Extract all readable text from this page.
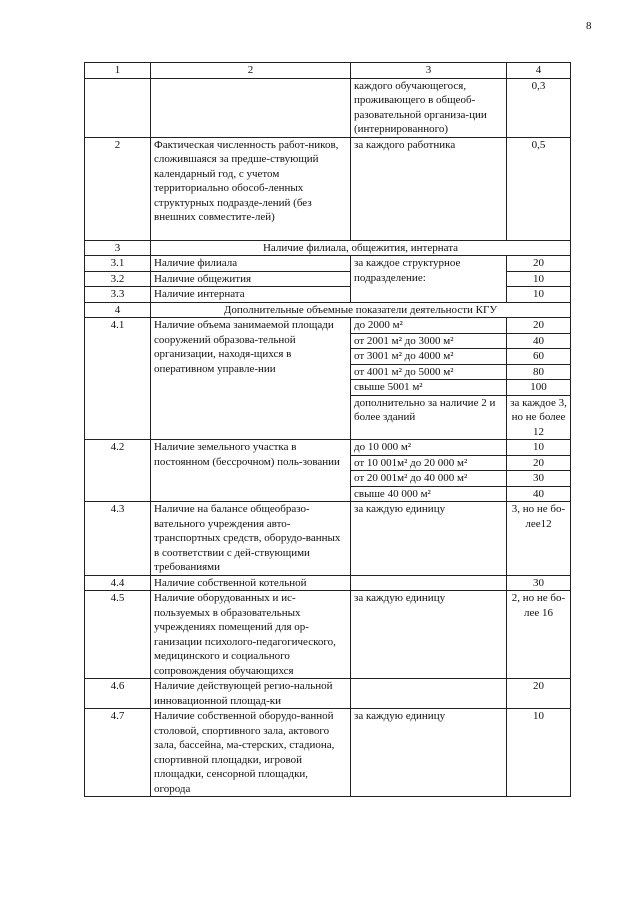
8
1	2	3	4
		каждого обучающегося, проживающего в общеоб-разовательной организа-ции (интернированного)	0,3
2	Фактическая численность работ-ников, сложившаяся за предше-ствующий календарный год, с учетом территориально обособ-ленных структурных подразде-лений (без внешних совместите-лей)	за каждого работника	0,5
3	Наличие филиала, общежития, интерната		
3.1	Наличие филиала	за каждое структурное подразделение:	20
3.2	Наличие общежития		10
3.3	Наличие интерната		10
4	Дополнительные объемные показатели деятельности КГУ		
4.1	Наличие объема занимаемой площади сооружений образова-тельной организации, находя-щихся в оперативном управле-нии	до 2000 м²	20
		от 2001 м² до 3000 м²	40
		от 3001 м² до 4000 м²	60
		от 4001 м² до 5000 м²	80
		свыше 5001 м²	100
		дополнительно за наличие 2 и более зданий	за каждое 3, но не более 12
4.2	Наличие земельного участка в постоянном (бессрочном) поль-зовании	до 10 000 м²	10
		от 10 001м² до 20 000 м²	20
		от 20 001м² до 40 000 м²	30
		свыше 40 000 м²	40
4.3	Наличие на балансе общеобразо-вательного учреждения авто-транспортных средств, оборудо-ванных в соответствии с дей-ствующими требованиями	за каждую единицу	3, но не бо-лее12
4.4	Наличие собственной котельной		30
4.5	Наличие оборудованных и ис-пользуемых в образовательных учреждениях помещений для ор-ганизации психолого-педагогического, медицинского и социального сопровождения обучающихся	за каждую единицу	2, но не бо-лее 16
4.6	Наличие действующей регио-нальной инновационной площад-ки		20
4.7	Наличие собственной оборудо-ванной столовой, спортивного зала, актового зала, бассейна, ма-стерских, стадиона, спортивной площадки, игровой площадки, сенсорной площадки, огорода	за каждую единицу	10
